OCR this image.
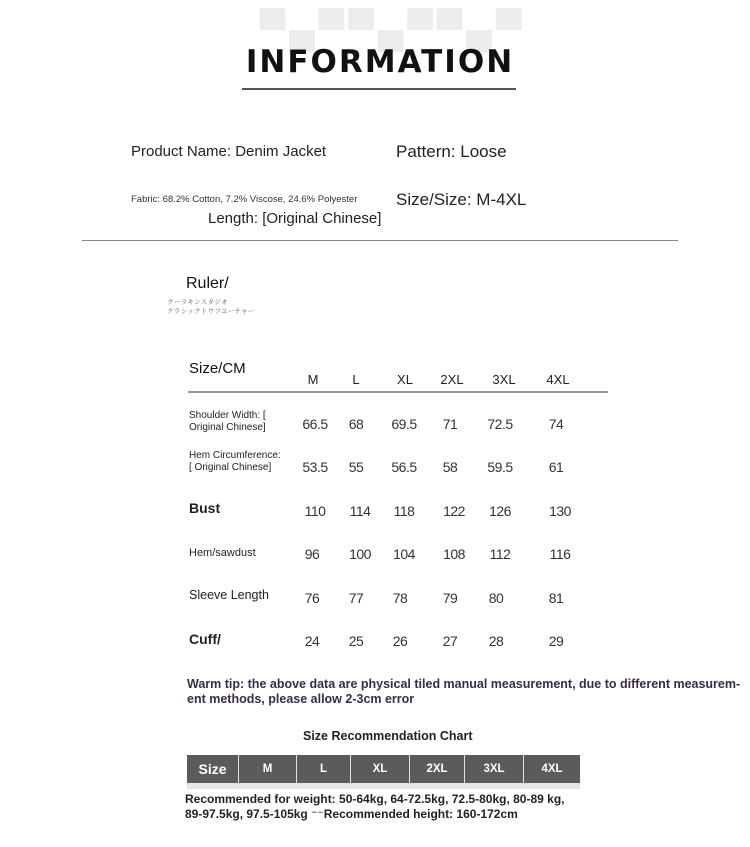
▀▄▀▀▄▀▀▄▀
INFORMATION
Product Name: Denim Jacket	Pattern: Loose
Fabric: 68.2% Cotton, 7.2% Viscose, 24.6% Polyester Size/Size: M-4XL
Length: [Original Chinese]
Ruler/
クーラキンスタジオ
クラシックトウフユーチャー
Size/CM
M	L	XL	2XL	3XL	4XL
Shoulder Width: [ Original Chinese]	66.5	68	69.5	71	72.5	74
Hem Circumference: [ Original Chinese]	53.5	55	56.5	58	59.5	61
Bust	110	114	118	122	126	130
Hem/sawdust	96	100	104	108	112	116
Sleeve Length	76	77	78	79	80	81
Cuff/	24	25	26	27	28	29
Warm tip: the above data are physical tiled manual measurement, due to different measurem-ent methods, please allow 2-3cm error
Size Recommendation Chart
Size	M	L	XL	2XL	3XL	4XL
Recommended for weight: 50-64kg, 64-72.5kg, 72.5-80kg, 80-89 kg, 89-97.5kg, 97.5-105kg ⁻⁻Recommended height: 160-172cm
